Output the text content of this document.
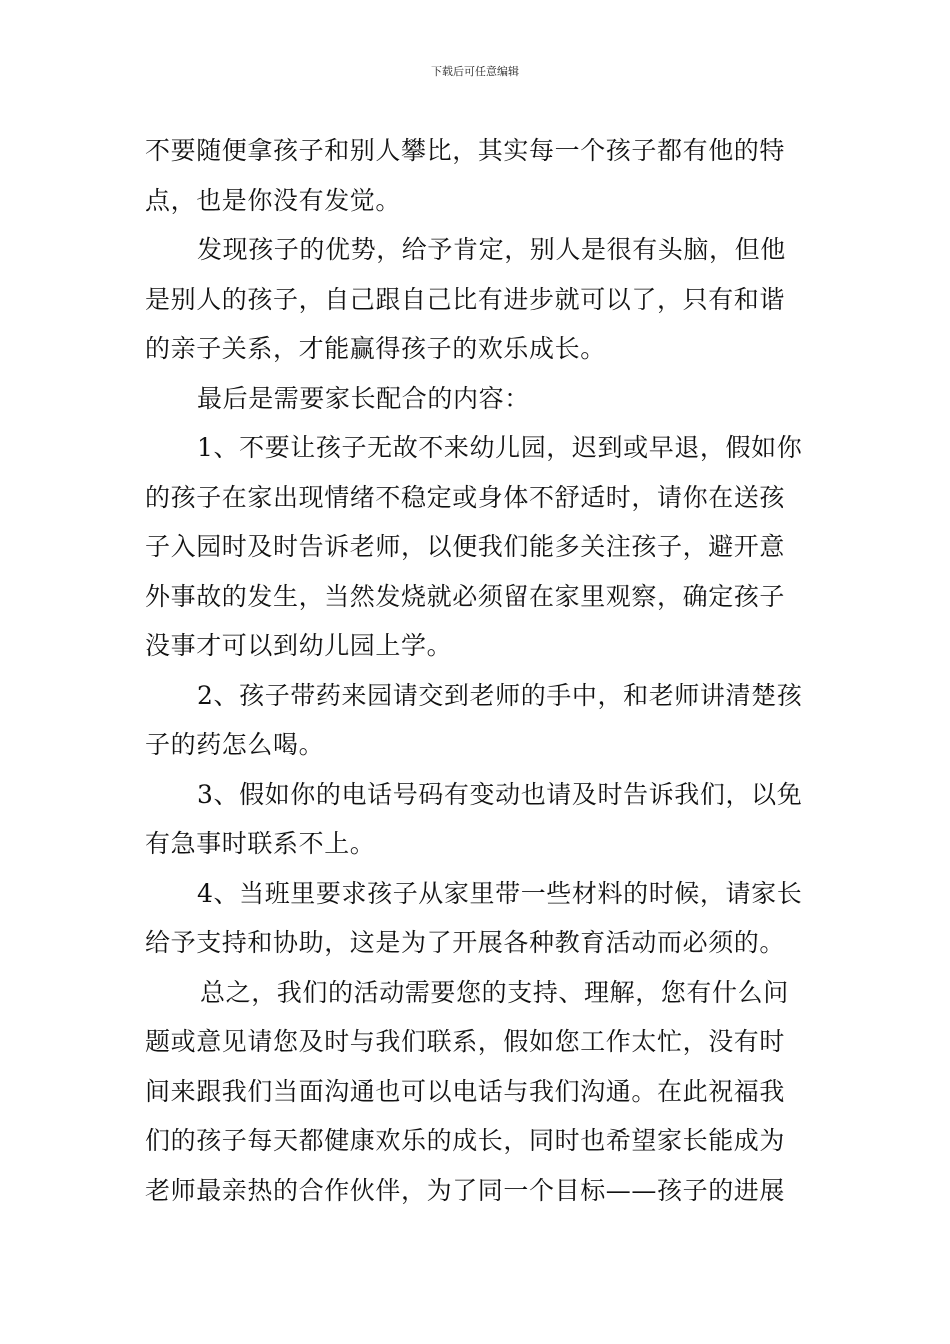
下载后可任意编辑
不要随便拿孩子和别人攀比，其实每一个孩子都有他的特
点，也是你没有发觉。
发现孩子的优势，给予肯定，别人是很有头脑，但他
是别人的孩子，自己跟自己比有进步就可以了，只有和谐
的亲子关系，才能赢得孩子的欢乐成长。
最后是需要家长配合的内容：
1、不要让孩子无故不来幼儿园，迟到或早退，假如你
的孩子在家出现情绪不稳定或身体不舒适时，请你在送孩
子入园时及时告诉老师，以便我们能多关注孩子，避开意
外事故的发生，当然发烧就必须留在家里观察，确定孩子
没事才可以到幼儿园上学。
2、孩子带药来园请交到老师的手中，和老师讲清楚孩
子的药怎么喝。
3、假如你的电话号码有变动也请及时告诉我们，以免
有急事时联系不上。
4、当班里要求孩子从家里带一些材料的时候，请家长
给予支持和协助，这是为了开展各种教育活动而必须的。
总之，我们的活动需要您的支持、理解，您有什么问
题或意见请您及时与我们联系，假如您工作太忙，没有时
间来跟我们当面沟通也可以电话与我们沟通。在此祝福我
们的孩子每天都健康欢乐的成长，同时也希望家长能成为
老师最亲热的合作伙伴，为了同一个目标——孩子的进展
